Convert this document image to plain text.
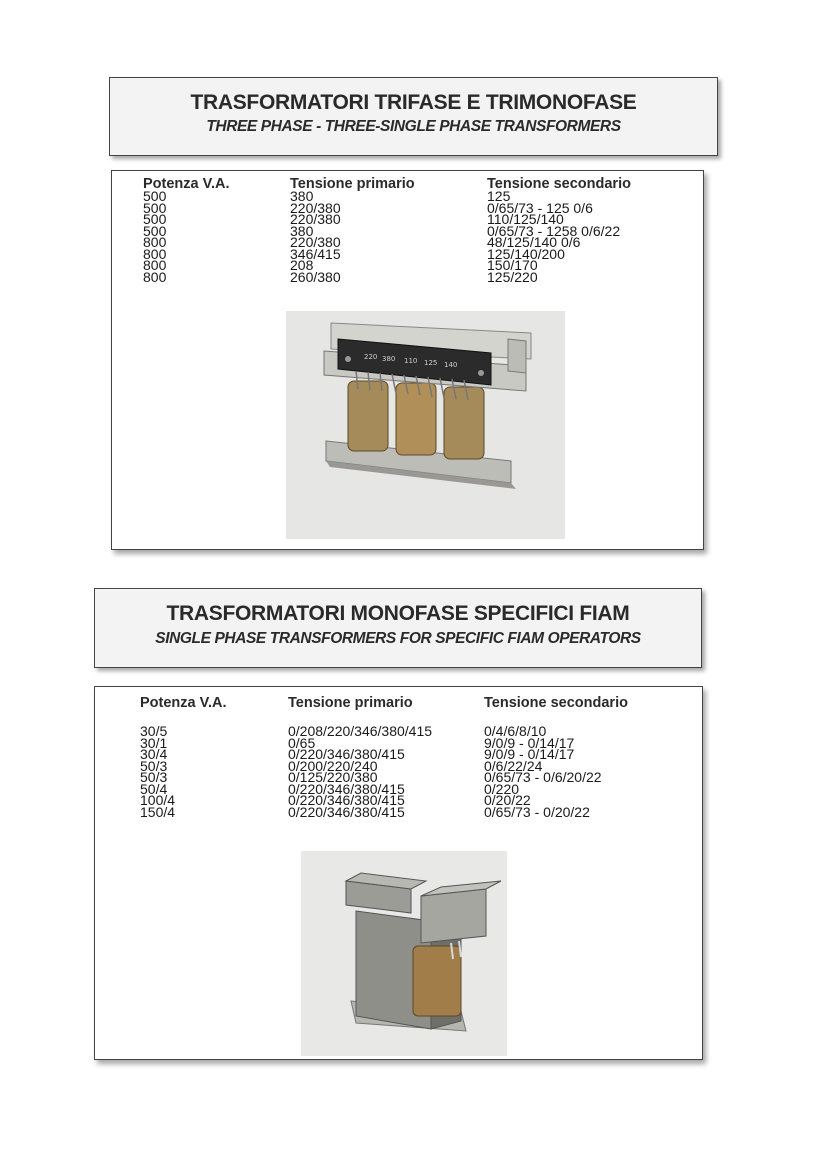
TRASFORMATORI TRIFASE E TRIMONOFASE
THREE PHASE - THREE-SINGLE PHASE TRANSFORMERS
Potenza V.A.
500
500
500
500
800
800
800
800
Tensione primario
380
220/380
220/380
380
220/380
346/415
208
260/380
Tensione secondario
125
0/65/73 - 125 0/6
110/125/140
0/65/73 - 1258 0/6/22
48/125/140 0/6
125/140/200
150/170
125/220
220 380 110 125 140
TRASFORMATORI MONOFASE SPECIFICI FIAM
SINGLE PHASE TRANSFORMERS FOR SPECIFIC FIAM OPERATORS
Potenza V.A.
30/5
30/1
30/4
50/3
50/3
50/4
100/4
150/4
Tensione primario
0/208/220/346/380/415
0/65
0/220/346/380/415
0/200/220/240
0/125/220/380
0/220/346/380/415
0/220/346/380/415
0/220/346/380/415
Tensione secondario
0/4/6/8/10
9/0/9 - 0/14/17
9/0/9 - 0/14/17
0/6/22/24
0/65/73 - 0/6/20/22
0/220
0/20/22
0/65/73 - 0/20/22
